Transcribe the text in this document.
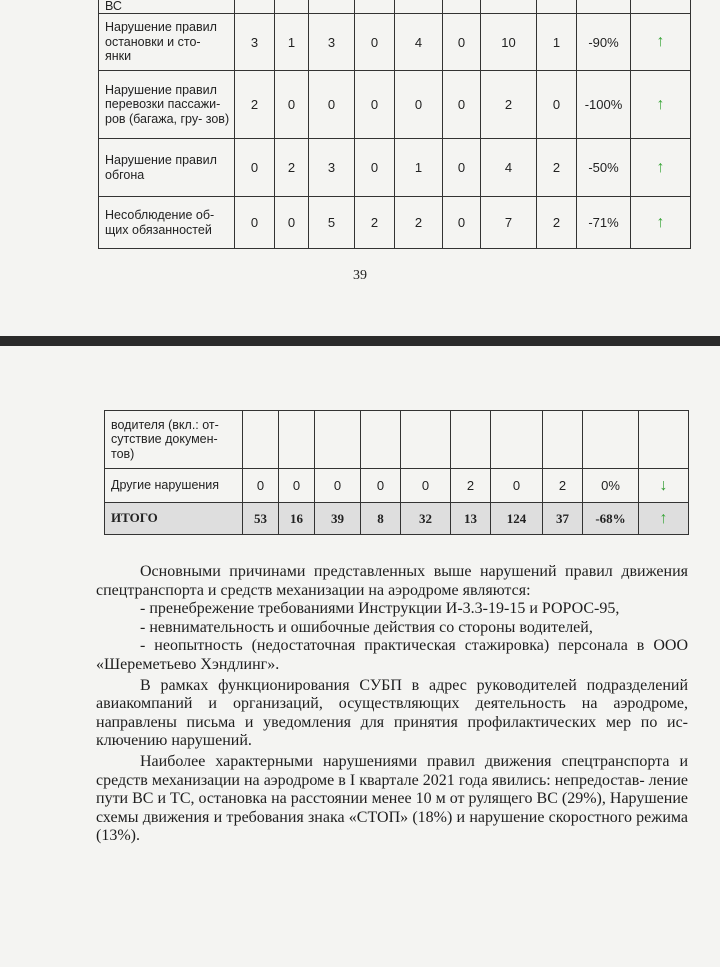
ВС										
Нарушение правил остановки и сто- янки	3	1	3	0	4	0	10	1	-90%	↑
Нарушение правил перевозки пассажи- ров (багажа, гру- зов)	2	0	0	0	0	0	2	0	-100%	↑
Нарушение правил обгона	0	2	3	0	1	0	4	2	-50%	↑
Несоблюдение об- щих обязанностей	0	0	5	2	2	0	7	2	-71%	↑
39
водителя (вкл.: от- сутствие докумен- тов)										
Другие нарушения	0	0	0	0	0	2	0	2	0%	↓
ИТОГО	53	16	39	8	32	13	124	37	-68%	↑

Основными причинами представленных выше нарушений правил движения спецтранспорта и средств механизации на аэродроме являются:

- пренебрежение требованиями Инструкции И-3.3-19-15 и РОРОС-95,

- невнимательность и ошибочные действия со стороны водителей,

- неопытность (недостаточная практическая стажировка) персонала в ООО «Шереметьево Хэндлинг».

В рамках функционирования СУБП в адрес руководителей подразделений авиакомпаний и организаций, осуществляющих деятельность на аэродроме, направлены письма и уведомления для принятия профилактических мер по ис- ключению нарушений.

Наиболее характерными нарушениями правил движения спецтранспорта и средств механизации на аэродроме в I квартале 2021 года явились: непредостав- ление пути ВС и ТС, остановка на расстоянии менее 10 м от рулящего ВС (29%), Нарушение схемы движения и требования знака «СТОП» (18%) и нарушение скоростного режима (13%).
